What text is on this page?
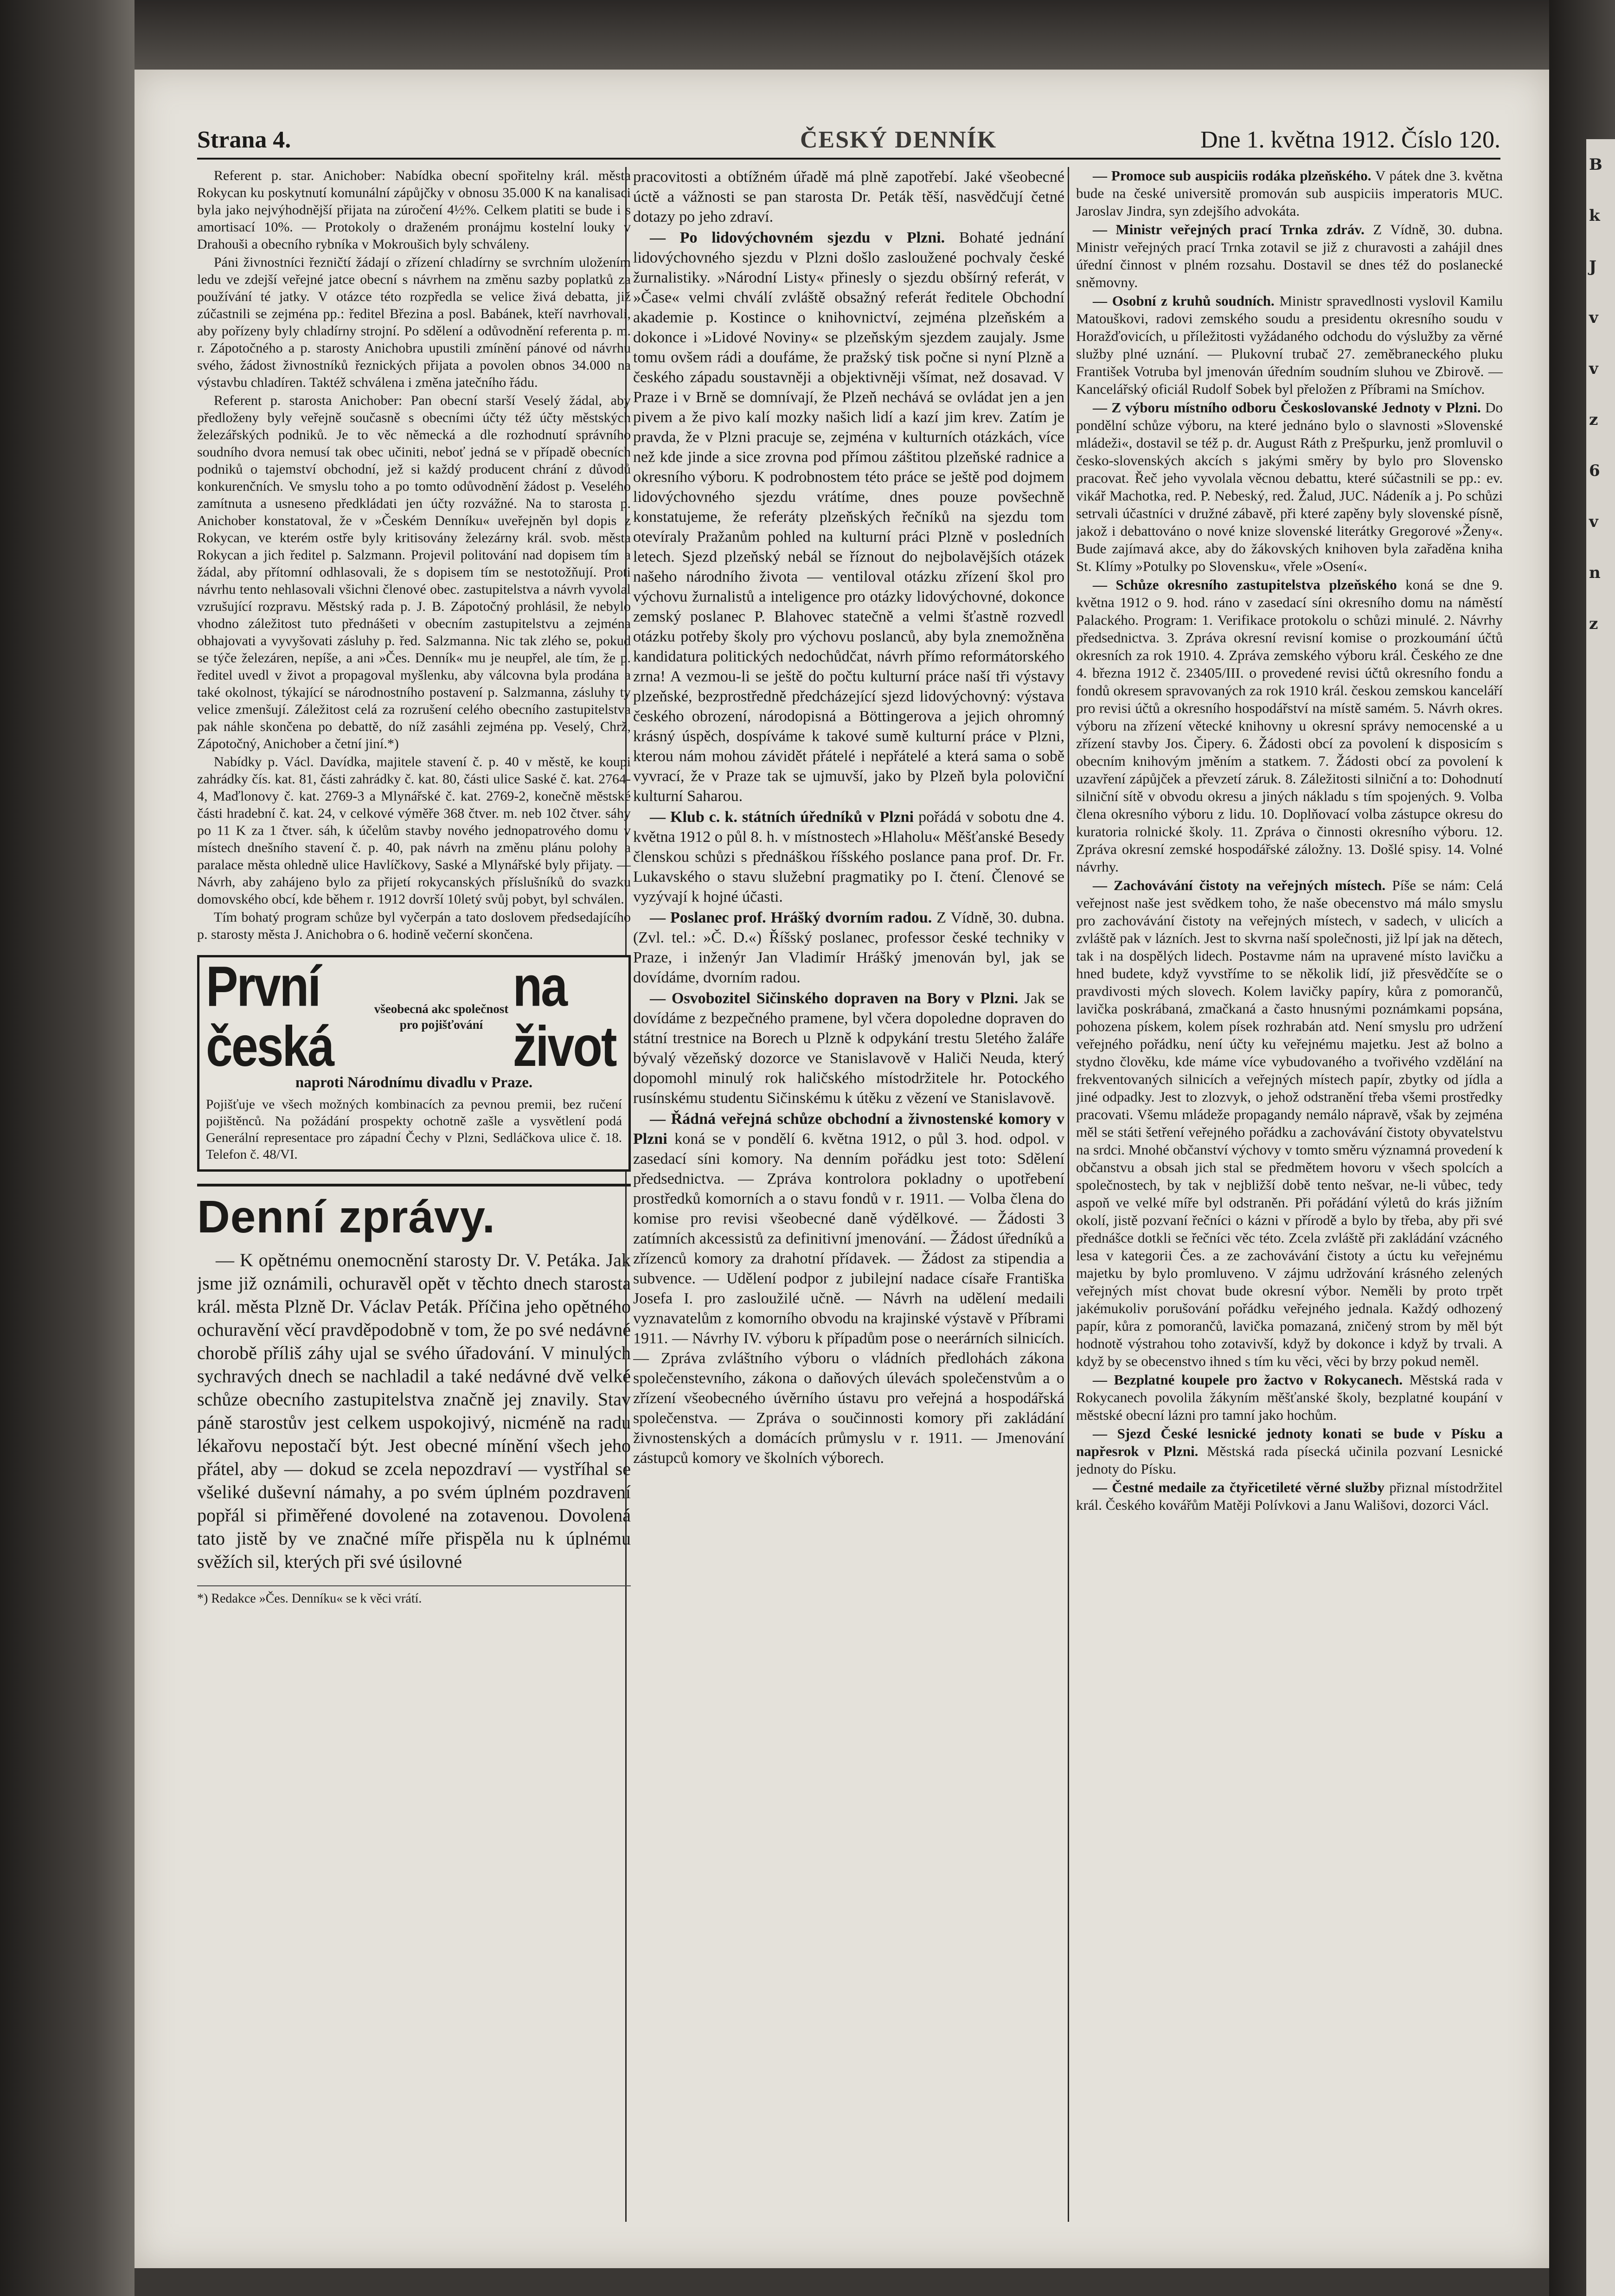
B
k
J
v
v
z
6
v
n
z
Strana 4.	ČESKÝ DENNÍK	Dne 1. května 1912. Číslo 120.

Referent p. star. Anichober: Nabídka obecní spořitelny král. města Rokycan ku poskytnutí komunální zápůjčky v obnosu 35.000 K na kanalisaci byla jako nejvýhodnější přijata na zúročení 4½%. Celkem platiti se bude i s amortisací 10%. — Protokoly o draženém pronájmu kostelní louky v Drahouši a obecního rybníka v Mokroušich byly schváleny.

Páni živnostníci řezničtí žádají o zřízení chladírny se svrchním uložením ledu ve zdejší veřejné jatce obecní s návrhem na změnu sazby poplatků za používání té jatky. V otázce této rozpředla se velice živá debatta, již zúčastnili se zejména pp.: ředitel Březina a posl. Babánek, kteří navrhovali, aby pořízeny byly chladírny strojní. Po sdělení a odůvodnění referenta p. m. r. Zápotočného a p. starosty Anichobra upustili zmínění pánové od návrhu svého, žádost živnostníků řeznických přijata a povolen obnos 34.000 na výstavbu chladíren. Taktéž schválena i změna jatečního řádu.

Referent p. starosta Anichober: Pan obecní starší Veselý žádal, aby předloženy byly veřejně současně s obecními účty též účty městských železářských podniků. Je to věc německá a dle rozhodnutí správního soudního dvora nemusí tak obec učiniti, neboť jedná se v případě obecních podniků o tajemství obchodní, jež si každý producent chrání z důvodů konkurenčních. Ve smyslu toho a po tomto odůvodnění žádost p. Veselého zamítnuta a usneseno předkládati jen účty rozvážné. Na to starosta p. Anichober konstatoval, že v »Českém Denníku« uveřejněn byl dopis z Rokycan, ve kterém ostře byly kritisovány železárny král. svob. města Rokycan a jich ředitel p. Salzmann. Projevil politování nad dopisem tím a žádal, aby přítomní odhlasovali, že s dopisem tím se nestotožňují. Proti návrhu tento nehlasovali všichni členové obec. zastupitelstva a návrh vyvolal vzrušující rozpravu. Městský rada p. J. B. Zápotočný prohlásil, že nebylo vhodno záležitost tuto přednášeti v obecním zastupitelstvu a zejména obhajovati a vyvyšovati zásluhy p. řed. Salzmanna. Nic tak zlého se, pokud se týče železáren, nepíše, a ani »Čes. Denník« mu je neupřel, ale tím, že p. ředitel uvedl v život a propagoval myšlenku, aby válcovna byla prodána a také okolnost, týkající se národnostního postavení p. Salzmanna, zásluhy ty velice zmenšují. Záležitost celá za rozrušení celého obecního zastupitelstva pak náhle skončena po debattě, do níž zasáhli zejména pp. Veselý, Chrž, Zápotočný, Anichober a četní jiní.*)

Nabídky p. Václ. Davídka, majitele stavení č. p. 40 v městě, ke koupi zahrádky čís. kat. 81, části zahrádky č. kat. 80, části ulice Saské č. kat. 2764-4, Maďlonovy č. kat. 2769-3 a Mlynářské č. kat. 2769-2, konečně městské části hradební č. kat. 24, v celkové výměře 368 čtver. m. neb 102 čtver. sáhy po 11 K za 1 čtver. sáh, k účelům stavby nového jednopatrového domu v místech dnešního stavení č. p. 40, pak návrh na změnu plánu polohy a paralace města ohledně ulice Havlíčkovy, Saské a Mlynářské byly přijaty. — Návrh, aby zahájeno bylo za přijetí rokycanských příslušníků do svazku domovského obcí, kde během r. 1912 dovrší 10letý svůj pobyt, byl schválen.

Tím bohatý program schůze byl vyčerpán a tato doslovem předsedajícího p. starosty města J. Anichobra o 6. hodině večerní skončena.

První česká
všeobecná akc společnost pro pojišťování
na život
naproti Národnímu divadlu v Praze.
Pojišťuje ve všech možných kombinacích za pevnou premii, bez ručení pojištěnců. Na požádání prospekty ochotně zašle a vysvětlení podá Generální representace pro západní Čechy v Plzni, Sedláčkova ulice č. 18. Telefon č. 48/VI.
Denní zprávy.

— K opětnému onemocnění starosty Dr. V. Petáka. Jak jsme již oznámili, ochuravěl opět v těchto dnech starosta král. města Plzně Dr. Václav Peták. Příčina jeho opětného ochuravění věcí pravděpodobně v tom, že po své nedávné chorobě příliš záhy ujal se svého úřadování. V minulých sychravých dnech se nachladil a také nedávné dvě velké schůze obecního zastupitelstva značně jej znavily. Stav páně starostův jest celkem uspokojivý, nicméně na radu lékařovu nepostačí být. Jest obecné mínění všech jeho přátel, aby — dokud se zcela nepozdraví — vystříhal se všeliké duševní námahy, a po svém úplném pozdravení popřál si přiměřené dovolené na zotavenou. Dovolená tato jistě by ve značné míře přispěla nu k úplnému svěžích sil, kterých při své úsilovné

*) Redakce »Čes. Denníku« se k věci vrátí.

pracovitosti a obtížném úřadě má plně zapotřebí. Jaké všeobecné úctě a vážnosti se pan starosta Dr. Peták těší, nasvědčují četné dotazy po jeho zdraví.

— Po lidovýchovném sjezdu v Plzni. Bohaté jednání lidovýchovného sjezdu v Plzni došlo zasloužené pochvaly české žurnalistiky. »Národní Listy« přinesly o sjezdu obšírný referát, v »Čase« velmi chválí zvláště obsažný referát ředitele Obchodní akademie p. Kostince o knihovnictví, zejména plzeňském a dokonce i »Lidové Noviny« se plzeňským sjezdem zaujaly. Jsme tomu ovšem rádi a doufáme, že pražský tisk počne si nyní Plzně a českého západu soustavněji a objektivněji všímat, než dosavad. V Praze i v Brně se domnívají, že Plzeň nechává se ovládat jen a jen pivem a že pivo kalí mozky našich lidí a kazí jim krev. Zatím je pravda, že v Plzni pracuje se, zejména v kulturních otázkách, více než kde jinde a sice zrovna pod přímou záštitou plzeňské radnice a okresního výboru. K podrobnostem této práce se ještě pod dojmem lidovýchovného sjezdu vrátíme, dnes pouze povšechně konstatujeme, že referáty plzeňských řečníků na sjezdu tom otevíraly Pražanům pohled na kulturní práci Plzně v posledních letech. Sjezd plzeňský nebál se říznout do nejbolavějších otázek našeho národního života — ventiloval otázku zřízení škol pro výchovu žurnalistů a inteligence pro otázky lidovýchovné, dokonce zemský poslanec P. Blahovec statečně a velmi šťastně rozvedl otázku potřeby školy pro výchovu poslanců, aby byla znemožněna kandidatura politických nedochůdčat, návrh přímo reformátorského zrna! A vezmou-li se ještě do počtu kulturní práce naší tři výstavy plzeňské, bezprostředně předcházející sjezd lidovýchovný: výstava českého obrození, národopisná a Böttingerova a jejich ohromný krásný úspěch, dospíváme k takové sumě kulturní práce v Plzni, kterou nám mohou závidět přátelé i nepřátelé a která sama o sobě vyvrací, že v Praze tak se ujmuvší, jako by Plzeň byla poloviční kulturní Saharou.

— Klub c. k. státních úředníků v Plzni pořádá v sobotu dne 4. května 1912 o půl 8. h. v místnostech »Hlaholu« Měšťanské Besedy členskou schůzi s přednáškou říšského poslance pana prof. Dr. Fr. Lukavského o stavu služební pragmatiky po I. čtení. Členové se vyzývají k hojné účasti.

— Poslanec prof. Hrášký dvorním radou. Z Vídně, 30. dubna. (Zvl. tel.: »Č. D.«) Říšský poslanec, professor české techniky v Praze, i inženýr Jan Vladimír Hrášký jmenován byl, jak se dovídáme, dvorním radou.

— Osvobozitel Sičinského dopraven na Bory v Plzni. Jak se dovídáme z bezpečného pramene, byl včera dopoledne dopraven do státní trestnice na Borech u Plzně k odpykání trestu 5letého žaláře bývalý vězeňský dozorce ve Stanislavově v Haliči Neuda, který dopomohl minulý rok haličského místodržitele hr. Potockého rusínskému studentu Sičinskému k útěku z vězení ve Stanislavově.

— Řádná veřejná schůze obchodní a živnostenské komory v Plzni koná se v pondělí 6. května 1912, o půl 3. hod. odpol. v zasedací síni komory. Na denním pořádku jest toto: Sdělení předsednictva. — Zpráva kontrolora pokladny o upotřebení prostředků komorních a o stavu fondů v r. 1911. — Volba člena do komise pro revisi všeobecné daně výdělkové. — Žádosti 3 zatímních akcessistů za definitivní jmenování. — Žádost úředníků a zřízenců komory za drahotní přídavek. — Žádost za stipendia a subvence. — Udělení podpor z jubilejní nadace císaře Františka Josefa I. pro zasloužilé učně. — Návrh na udělení medaili vyznavatelům z komorního obvodu na krajinské výstavě v Příbrami 1911. — Návrhy IV. výboru k případům pose o neerárních silnicích. — Zpráva zvláštního výboru o vládních předlohách zákona společenstevního, zákona o daňových úlevách společenstvům a o zřízení všeobecného úvěrního ústavu pro veřejná a hospodářská společenstva. — Zpráva o součinnosti komory při zakládání živnostenských a domácích průmyslu v r. 1911. — Jmenování zástupců komory ve školních výborech.

— Promoce sub auspiciis rodáka plzeňského. V pátek dne 3. května bude na české universitě promován sub auspiciis imperatoris MUC. Jaroslav Jindra, syn zdejšího advokáta.

— Ministr veřejných prací Trnka zdráv. Z Vídně, 30. dubna. Ministr veřejných prací Trnka zotavil se již z churavosti a zahájil dnes úřední činnost v plném rozsahu. Dostavil se dnes též do poslanecké sněmovny.

— Osobní z kruhů soudních. Ministr spravedlnosti vyslovil Kamilu Matouškovi, radovi zemského soudu a presidentu okresního soudu v Horažďovicích, u příležitosti vyžádaného odchodu do výslužby za věrné služby plné uznání. — Plukovní trubač 27. zeměbraneckého pluku František Votruba byl jmenován úředním soudním sluhou ve Zbirově. — Kancelářský oficiál Rudolf Sobek byl přeložen z Příbrami na Smíchov.

— Z výboru místního odboru Českoslovanské Jednoty v Plzni. Do pondělní schůze výboru, na které jednáno bylo o slavnosti »Slovenské mládeži«, dostavil se též p. dr. August Ráth z Prešpurku, jenž promluvil o česko-slovenských akcích s jakými směry by bylo pro Slovensko pracovat. Řeč jeho vyvolala věcnou debattu, které súčastnili se pp.: ev. vikář Machotka, red. P. Nebeský, red. Žalud, JUC. Nádeník a j. Po schůzi setrvali účastníci v družné zábavě, při které zapěny byly slovenské písně, jakož i debattováno o nové knize slovenské literátky Gregorové »Ženy«. Bude zajímavá akce, aby do žákovských knihoven byla zařaděna kniha St. Klímy »Potulky po Slovensku«, vřele »Osení«.

— Schůze okresního zastupitelstva plzeňského koná se dne 9. května 1912 o 9. hod. ráno v zasedací síni okresního domu na náměstí Palackého. Program: 1. Verifikace protokolu o schůzi minulé. 2. Návrhy předsednictva. 3. Zpráva okresní revisní komise o prozkoumání účtů okresních za rok 1910. 4. Zpráva zemského výboru král. Českého ze dne 4. března 1912 č. 23405/III. o provedené revisi účtů okresního fondu a fondů okresem spravovaných za rok 1910 král. českou zemskou kanceláří pro revisi účtů a okresního hospodářství na místě samém. 5. Návrh okres. výboru na zřízení větecké knihovny u okresní správy nemocenské a u zřízení stavby Jos. Čipery. 6. Žádosti obcí za povolení k disposicím s obecním knihovým jměním a statkem. 7. Žádosti obcí za povolení k uzavření zápůjček a převzetí záruk. 8. Záležitosti silniční a to: Dohodnutí silniční sítě v obvodu okresu a jiných nákladu s tím spojených. 9. Volba člena okresního výboru z lidu. 10. Doplňovací volba zástupce okresu do kuratoria rolnické školy. 11. Zpráva o činnosti okresního výboru. 12. Zpráva okresní zemské hospodářské záložny. 13. Došlé spisy. 14. Volné návrhy.

— Zachovávání čistoty na veřejných místech. Píše se nám: Celá veřejnost naše jest svědkem toho, že naše obecenstvo má málo smyslu pro zachovávání čistoty na veřejných místech, v sadech, v ulicích a zvláště pak v lázních. Jest to skvrna naší společnosti, již lpí jak na dětech, tak i na dospělých lidech. Postavme nám na upravené místo lavičku a hned budete, když vyvstříme to se několik lidí, již přesvědčíte se o pravdivosti mých slovech. Kolem lavičky papíry, kůra z pomorančů, lavička poskrábaná, zmačkaná a často hnusnými poznámkami popsána, pohozena pískem, kolem písek rozhrabán atd. Není smyslu pro udržení veřejného pořádku, není účty ku veřejnému majetku. Jest až bolno a stydno člověku, kde máme více vybudovaného a tvořivého vzdělání na frekventovaných silnicích a veřejných místech papír, zbytky od jídla a jiné odpadky. Jest to zlozvyk, o jehož odstranění třeba všemi prostředky pracovati. Všemu mládeže propagandy nemálo nápravě, však by zejména měl se státi šetření veřejného pořádku a zachovávání čistoty obyvatelstvu na srdci. Mnohé občanství výchovy v tomto směru významná provedení k občanstvu a obsah jich stal se předmětem hovoru v všech spolcích a společnostech, by tak v nejbližší době tento nešvar, ne-li vůbec, tedy aspoň ve velké míře byl odstraněn. Při pořádání výletů do krás jižním okolí, jistě pozvaní řečníci o kázni v přírodě a bylo by třeba, aby při své přednášce dotkli se řečníci věc této. Zcela zvláště při zakládání vzácného lesa v kategorii Čes. a ze zachovávání čistoty a úctu ku veřejnému majetku by bylo promluveno. V zájmu udržování krásného zelených veřejných míst chovat bude okresní výbor. Neměli by proto trpět jakémukoliv porušování pořádku veřejného jednala. Každý odhozený papír, kůra z pomorančů, lavička pomazaná, zničený strom by měl být hodnotě výstrahou toho zotavivší, když by dokonce i když by trvali. A když by se obecenstvo ihned s tím ku věci, věci by brzy pokud neměl.

— Bezplatné koupele pro žactvo v Rokycanech. Městská rada v Rokycanech povolila žákyním měšťanské školy, bezplatné koupání v městské obecní lázni pro tamní jako hochům.

— Sjezd České lesnické jednoty konati se bude v Písku a napřesrok v Plzni. Městská rada písecká učinila pozvaní Lesnické jednoty do Písku.

— Čestné medaile za čtyřicetileté věrné služby přiznal místodržitel král. Českého kovářům Matěji Polívkovi a Janu Wališovi, dozorci Václ.
